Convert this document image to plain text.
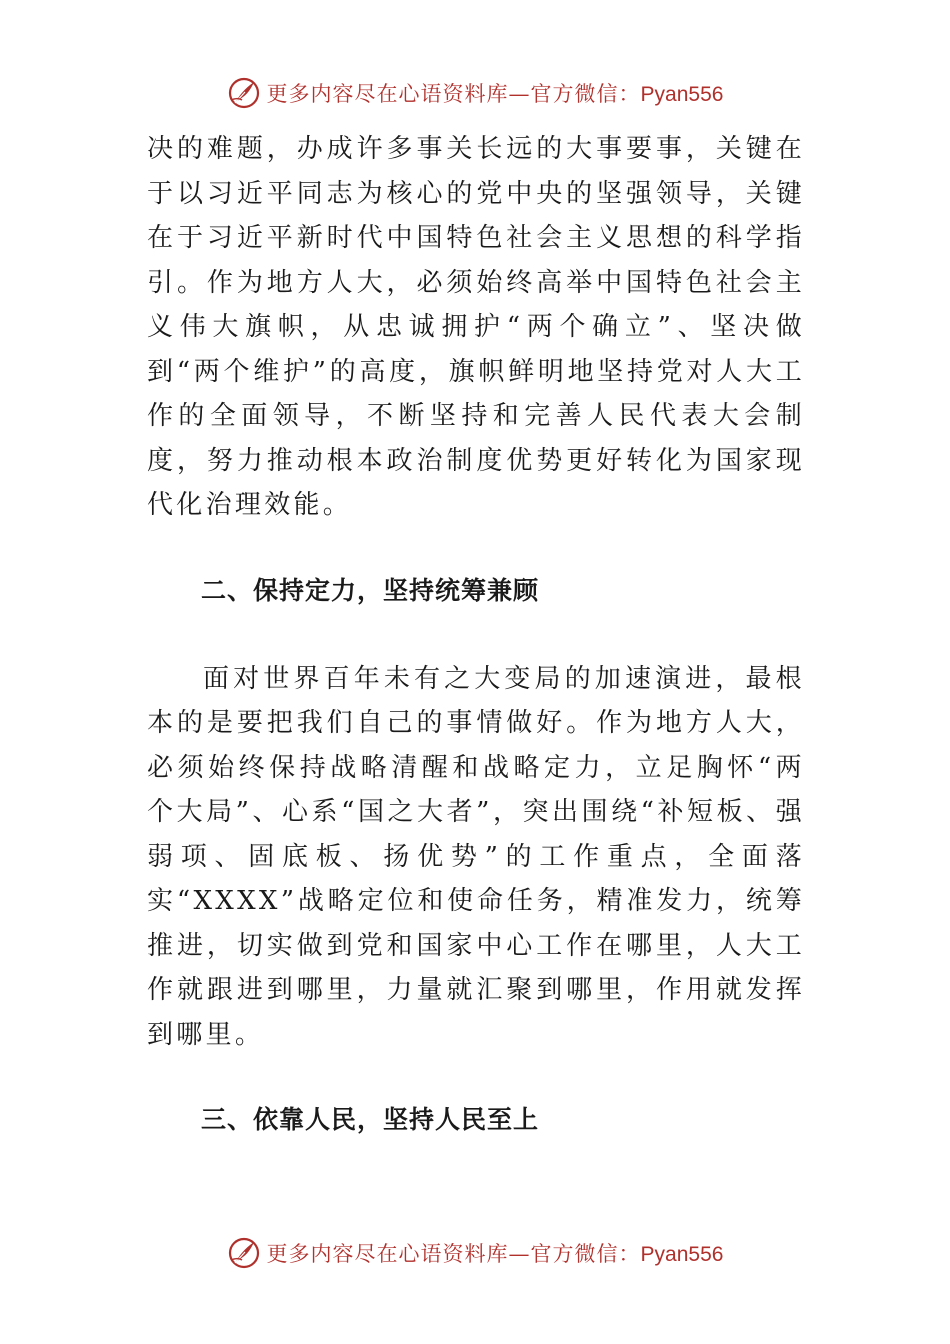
更多内容尽在心语资料库—官方微信：Pyan556

决的难题，办成许多事关长远的大事要事，关键在于以习近平同志为核心的党中央的坚强领导，关键在于习近平新时代中国特色社会主义思想的科学指引。作为地方人大，必须始终高举中国特色社会主义伟大旗帜，从忠诚拥护“两个确立”、坚决做到“两个维护”的高度，旗帜鲜明地坚持党对人大工作的全面领导，不断坚持和完善人民代表大会制度，努力推动根本政治制度优势更好转化为国家现代化治理效能。

二、保持定力，坚持统筹兼顾

面对世界百年未有之大变局的加速演进，最根本的是要把我们自己的事情做好。作为地方人大，必须始终保持战略清醒和战略定力，立足胸怀“两个大局”、心系“国之大者”，突出围绕“补短板、强弱项、固底板、扬优势”的工作重点，全面落实“XXXX”战略定位和使命任务，精准发力，统筹推进，切实做到党和国家中心工作在哪里，人大工作就跟进到哪里，力量就汇聚到哪里，作用就发挥到哪里。

三、依靠人民，坚持人民至上

更多内容尽在心语资料库—官方微信：Pyan556
